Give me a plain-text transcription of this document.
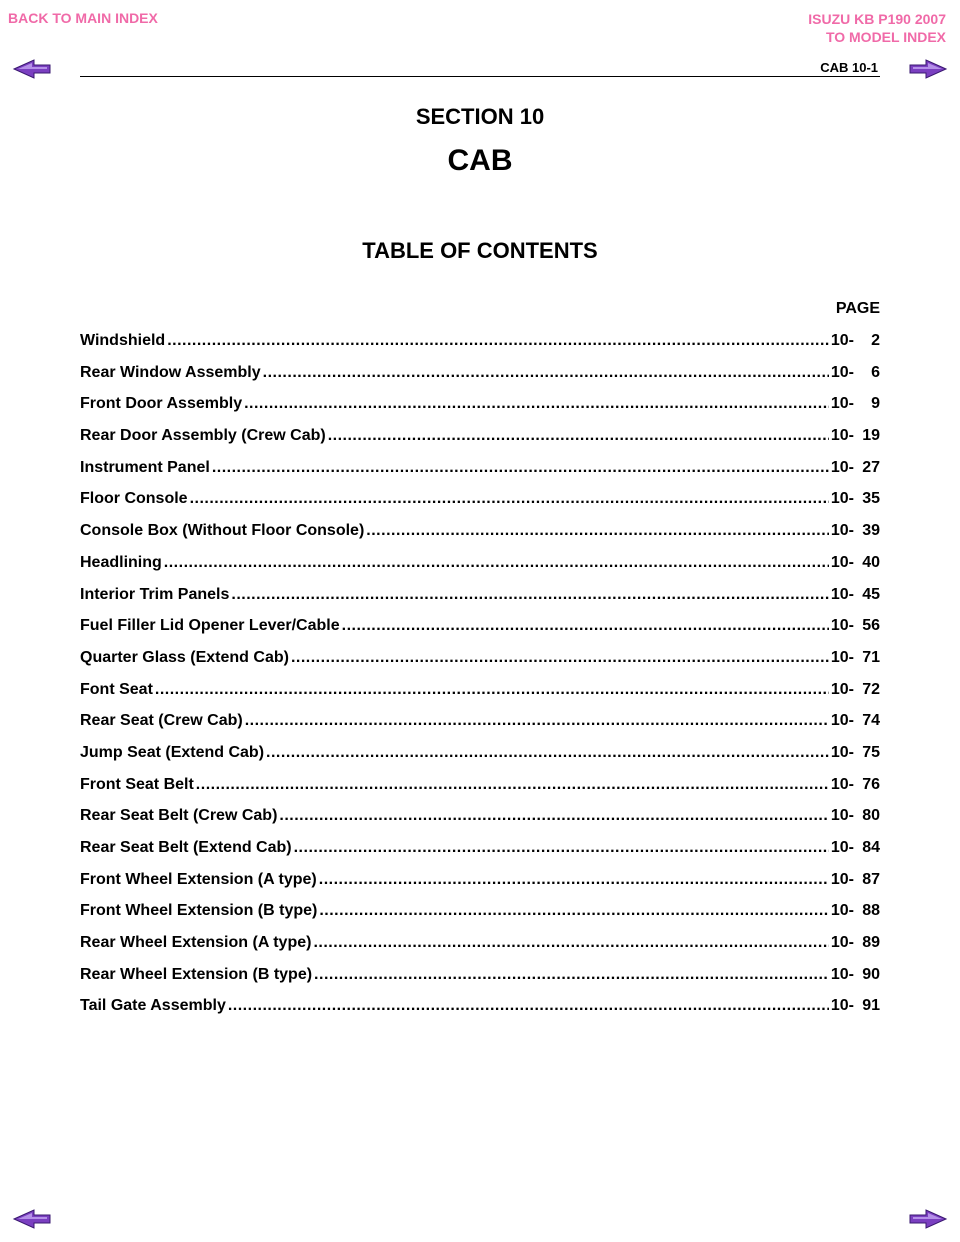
BACK TO MAIN INDEX	ISUZU KB P190 2007
TO MODEL INDEX
CAB 10-1
SECTION 10
CAB
TABLE OF CONTENTS
PAGE
Windshield .....	10-	2
Rear Window Assembly .....	10-	6
Front Door Assembly .....	10-	9
Rear Door Assembly (Crew Cab) .....	10- 19
Instrument Panel .....	10- 27
Floor Console .....	10- 35
Console Box (Without Floor Console) .....	10- 39
Headlining .....	10- 40
Interior Trim Panels .....	10- 45
Fuel Filler Lid Opener Lever/Cable .....	10- 56
Quarter Glass (Extend Cab) .....	10- 71
Font Seat .....	10- 72
Rear Seat (Crew Cab) .....	10- 74
Jump Seat (Extend Cab) .....	10- 75
Front Seat Belt .....	10- 76
Rear Seat Belt (Crew Cab) .....	10- 80
Rear Seat Belt (Extend Cab) .....	10- 84
Front Wheel Extension (A type) .....	10- 87
Front Wheel Extension (B type) .....	10- 88
Rear Wheel Extension (A type) .....	10- 89
Rear Wheel Extension (B type) .....	10- 90
Tail Gate Assembly .....	10- 91
